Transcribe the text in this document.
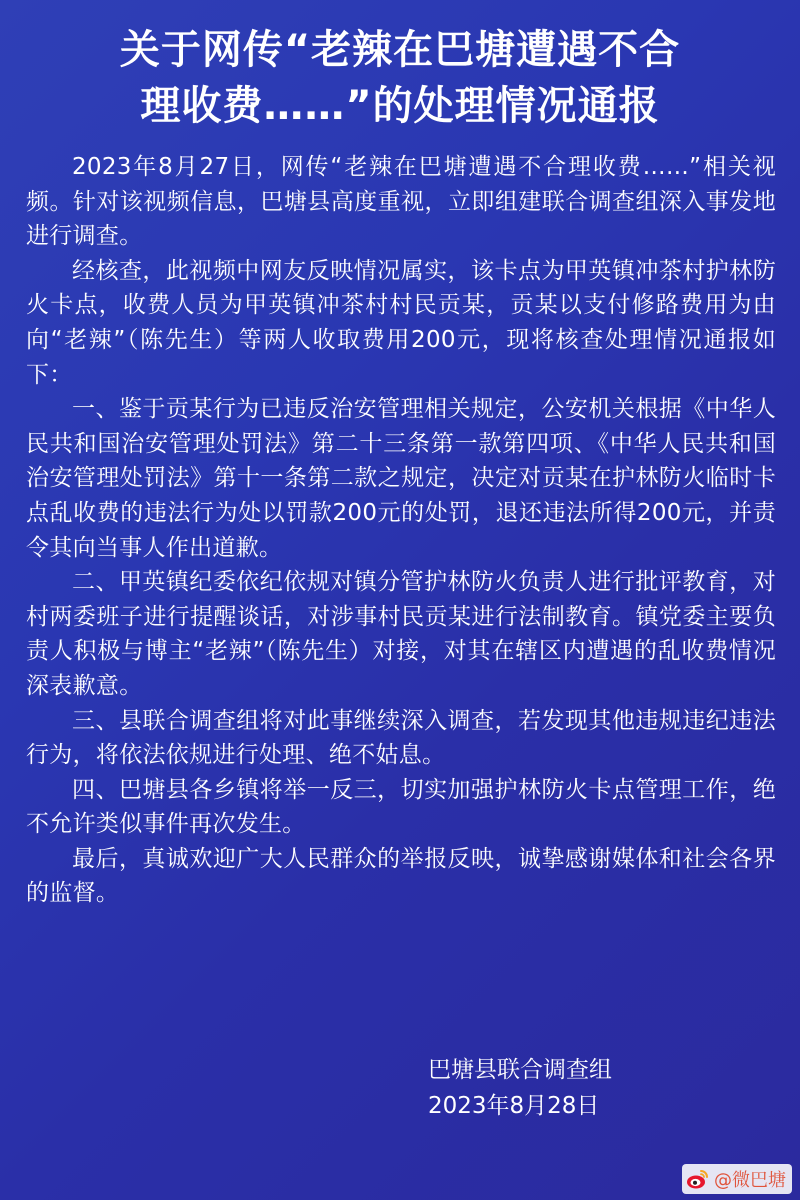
关于网传“老辣在巴塘遭遇不合
理收费……”的处理情况通报

2023年8月27日，网传“老辣在巴塘遭遇不合理收费……”相关视频。针对该视频信息，巴塘县高度重视，立即组建联合调查组深入事发地进行调查。

经核查，此视频中网友反映情况属实，该卡点为甲英镇冲茶村护林防火卡点，收费人员为甲英镇冲茶村村民贡某，贡某以支付修路费用为由向“老辣”（陈先生）等两人收取费用200元，现将核查处理情况通报如下：

一、鉴于贡某行为已违反治安管理相关规定，公安机关根据《中华人民共和国治安管理处罚法》第二十三条第一款第四项、《中华人民共和国治安管理处罚法》第十一条第二款之规定，决定对贡某在护林防火临时卡点乱收费的违法行为处以罚款200元的处罚，退还违法所得200元，并责令其向当事人作出道歉。

二、甲英镇纪委依纪依规对镇分管护林防火负责人进行批评教育，对村两委班子进行提醒谈话，对涉事村民贡某进行法制教育。镇党委主要负责人积极与博主“老辣”（陈先生）对接，对其在辖区内遭遇的乱收费情况深表歉意。

三、县联合调查组将对此事继续深入调查，若发现其他违规违纪违法行为，将依法依规进行处理、绝不姑息。

四、巴塘县各乡镇将举一反三，切实加强护林防火卡点管理工作，绝不允许类似事件再次发生。

最后，真诚欢迎广大人民群众的举报反映，诚挚感谢媒体和社会各界的监督。

巴塘县联合调查组
2023年8月28日
@微巴塘
